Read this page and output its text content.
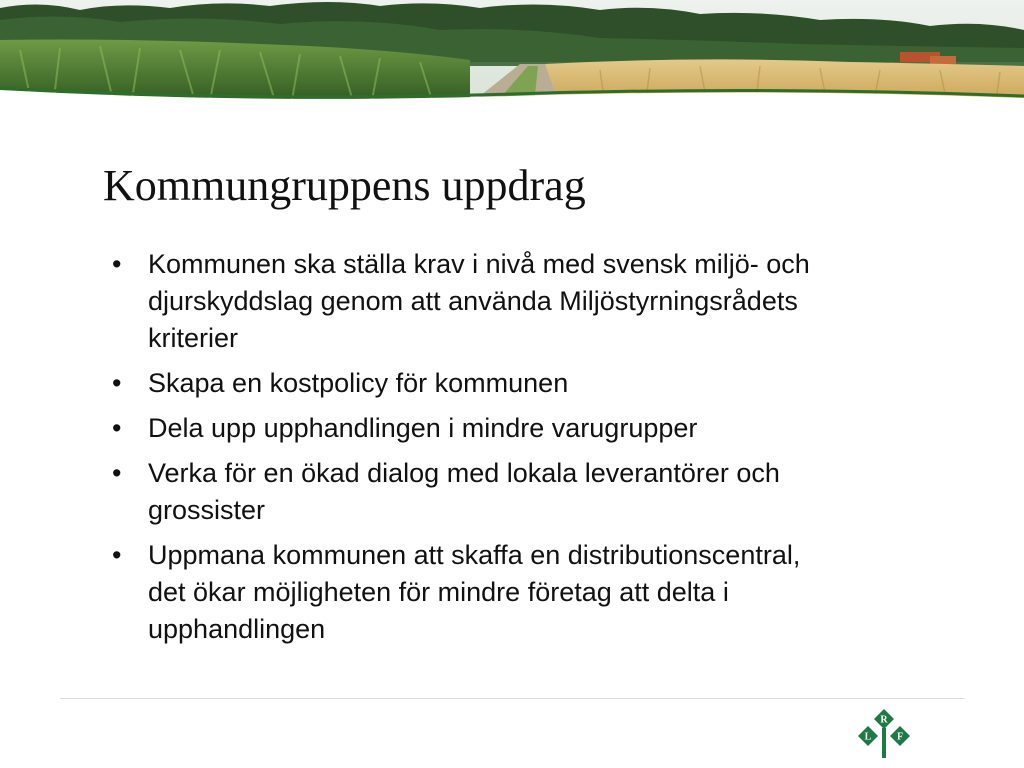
Kommungruppens uppdrag
• Kommunen ska ställa krav i nivå med svensk miljö- och djurskyddslag genom att använda Miljöstyrningsrådets kriterier
• Skapa en kostpolicy för kommunen
• Dela upp upphandlingen i mindre varugrupper
• Verka för en ökad dialog med lokala leverantörer och grossister
• Uppmana kommunen att skaffa en distributionscentral, det ökar möjligheten för mindre företag att delta i upphandlingen
R
L	F
